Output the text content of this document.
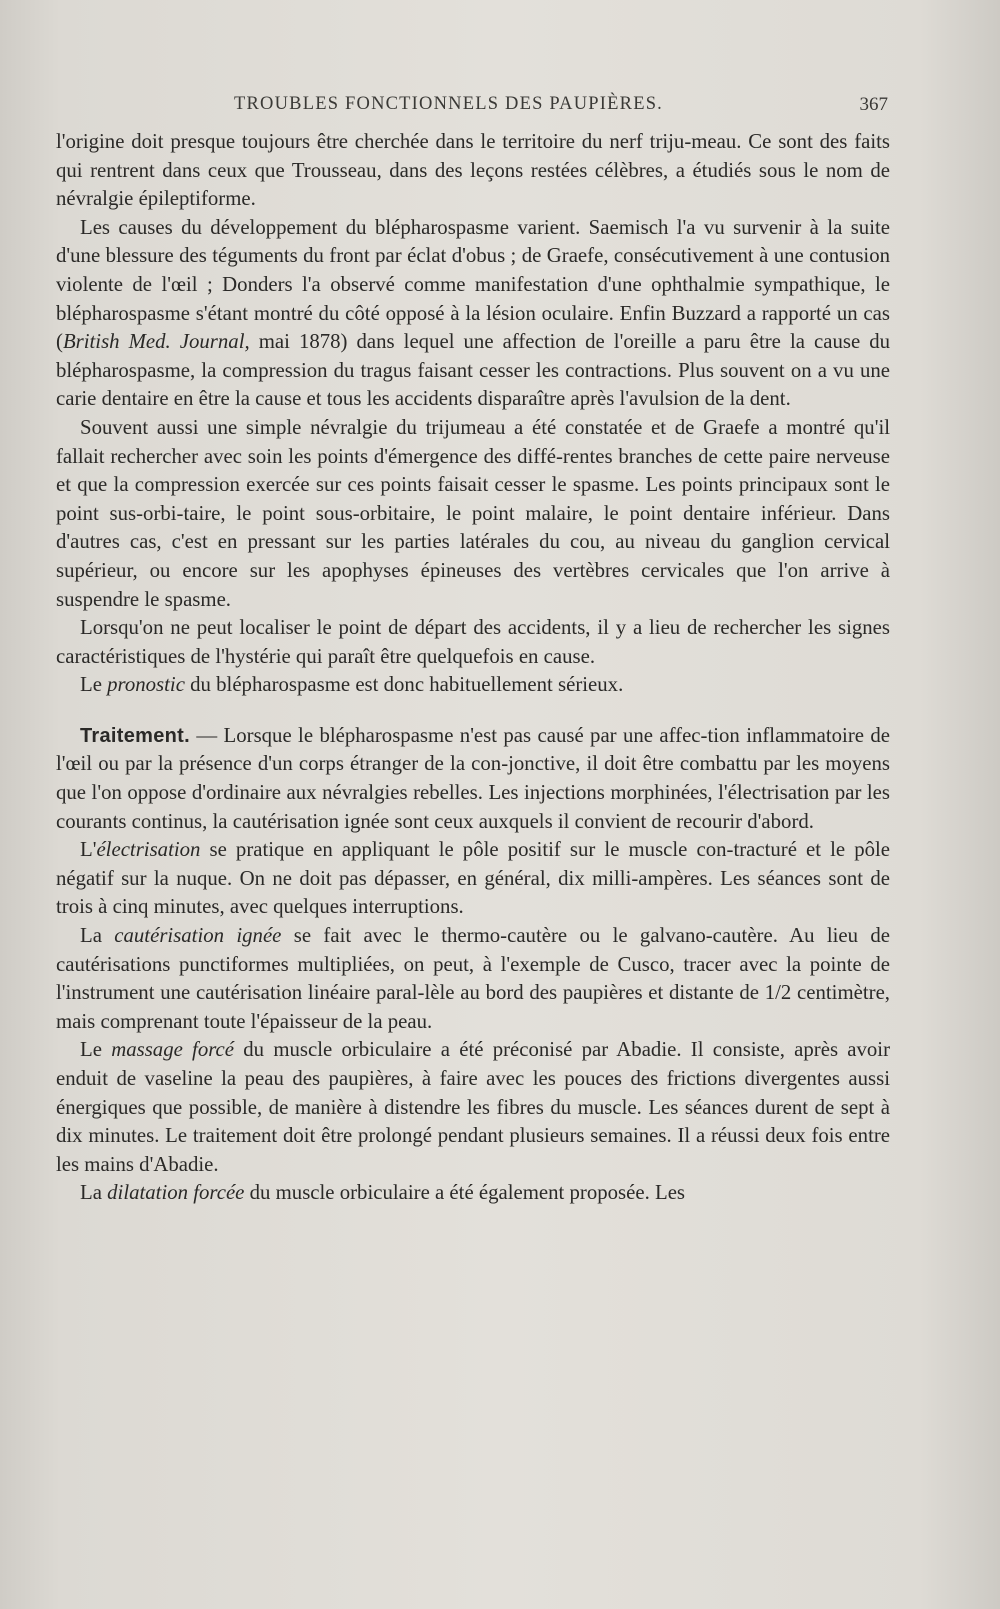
TROUBLES FONCTIONNELS DES PAUPIÈRES.	367

l'origine doit presque toujours être cherchée dans le territoire du nerf triju-meau. Ce sont des faits qui rentrent dans ceux que Trousseau, dans des leçons restées célèbres, a étudiés sous le nom de névralgie épileptiforme.

Les causes du développement du blépharospasme varient. Saemisch l'a vu survenir à la suite d'une blessure des téguments du front par éclat d'obus ; de Graefe, consécutivement à une contusion violente de l'œil ; Donders l'a observé comme manifestation d'une ophthalmie sympathique, le blépharospasme s'étant montré du côté opposé à la lésion oculaire. Enfin Buzzard a rapporté un cas (British Med. Journal, mai 1878) dans lequel une affection de l'oreille a paru être la cause du blépharospasme, la compression du tragus faisant cesser les contractions. Plus souvent on a vu une carie dentaire en être la cause et tous les accidents disparaître après l'avulsion de la dent.

Souvent aussi une simple névralgie du trijumeau a été constatée et de Graefe a montré qu'il fallait rechercher avec soin les points d'émergence des diffé-rentes branches de cette paire nerveuse et que la compression exercée sur ces points faisait cesser le spasme. Les points principaux sont le point sus-orbi-taire, le point sous-orbitaire, le point malaire, le point dentaire inférieur. Dans d'autres cas, c'est en pressant sur les parties latérales du cou, au niveau du ganglion cervical supérieur, ou encore sur les apophyses épineuses des vertèbres cervicales que l'on arrive à suspendre le spasme.

Lorsqu'on ne peut localiser le point de départ des accidents, il y a lieu de rechercher les signes caractéristiques de l'hystérie qui paraît être quelquefois en cause.

Le pronostic du blépharospasme est donc habituellement sérieux.

Traitement. — Lorsque le blépharospasme n'est pas causé par une affec-tion inflammatoire de l'œil ou par la présence d'un corps étranger de la con-jonctive, il doit être combattu par les moyens que l'on oppose d'ordinaire aux névralgies rebelles. Les injections morphinées, l'électrisation par les courants continus, la cautérisation ignée sont ceux auxquels il convient de recourir d'abord.

L'électrisation se pratique en appliquant le pôle positif sur le muscle con-tracturé et le pôle négatif sur la nuque. On ne doit pas dépasser, en général, dix milli-ampères. Les séances sont de trois à cinq minutes, avec quelques interruptions.

La cautérisation ignée se fait avec le thermo-cautère ou le galvano-cautère. Au lieu de cautérisations punctiformes multipliées, on peut, à l'exemple de Cusco, tracer avec la pointe de l'instrument une cautérisation linéaire paral-lèle au bord des paupières et distante de 1/2 centimètre, mais comprenant toute l'épaisseur de la peau.

Le massage forcé du muscle orbiculaire a été préconisé par Abadie. Il consiste, après avoir enduit de vaseline la peau des paupières, à faire avec les pouces des frictions divergentes aussi énergiques que possible, de manière à distendre les fibres du muscle. Les séances durent de sept à dix minutes. Le traitement doit être prolongé pendant plusieurs semaines. Il a réussi deux fois entre les mains d'Abadie.

La dilatation forcée du muscle orbiculaire a été également proposée. Les
